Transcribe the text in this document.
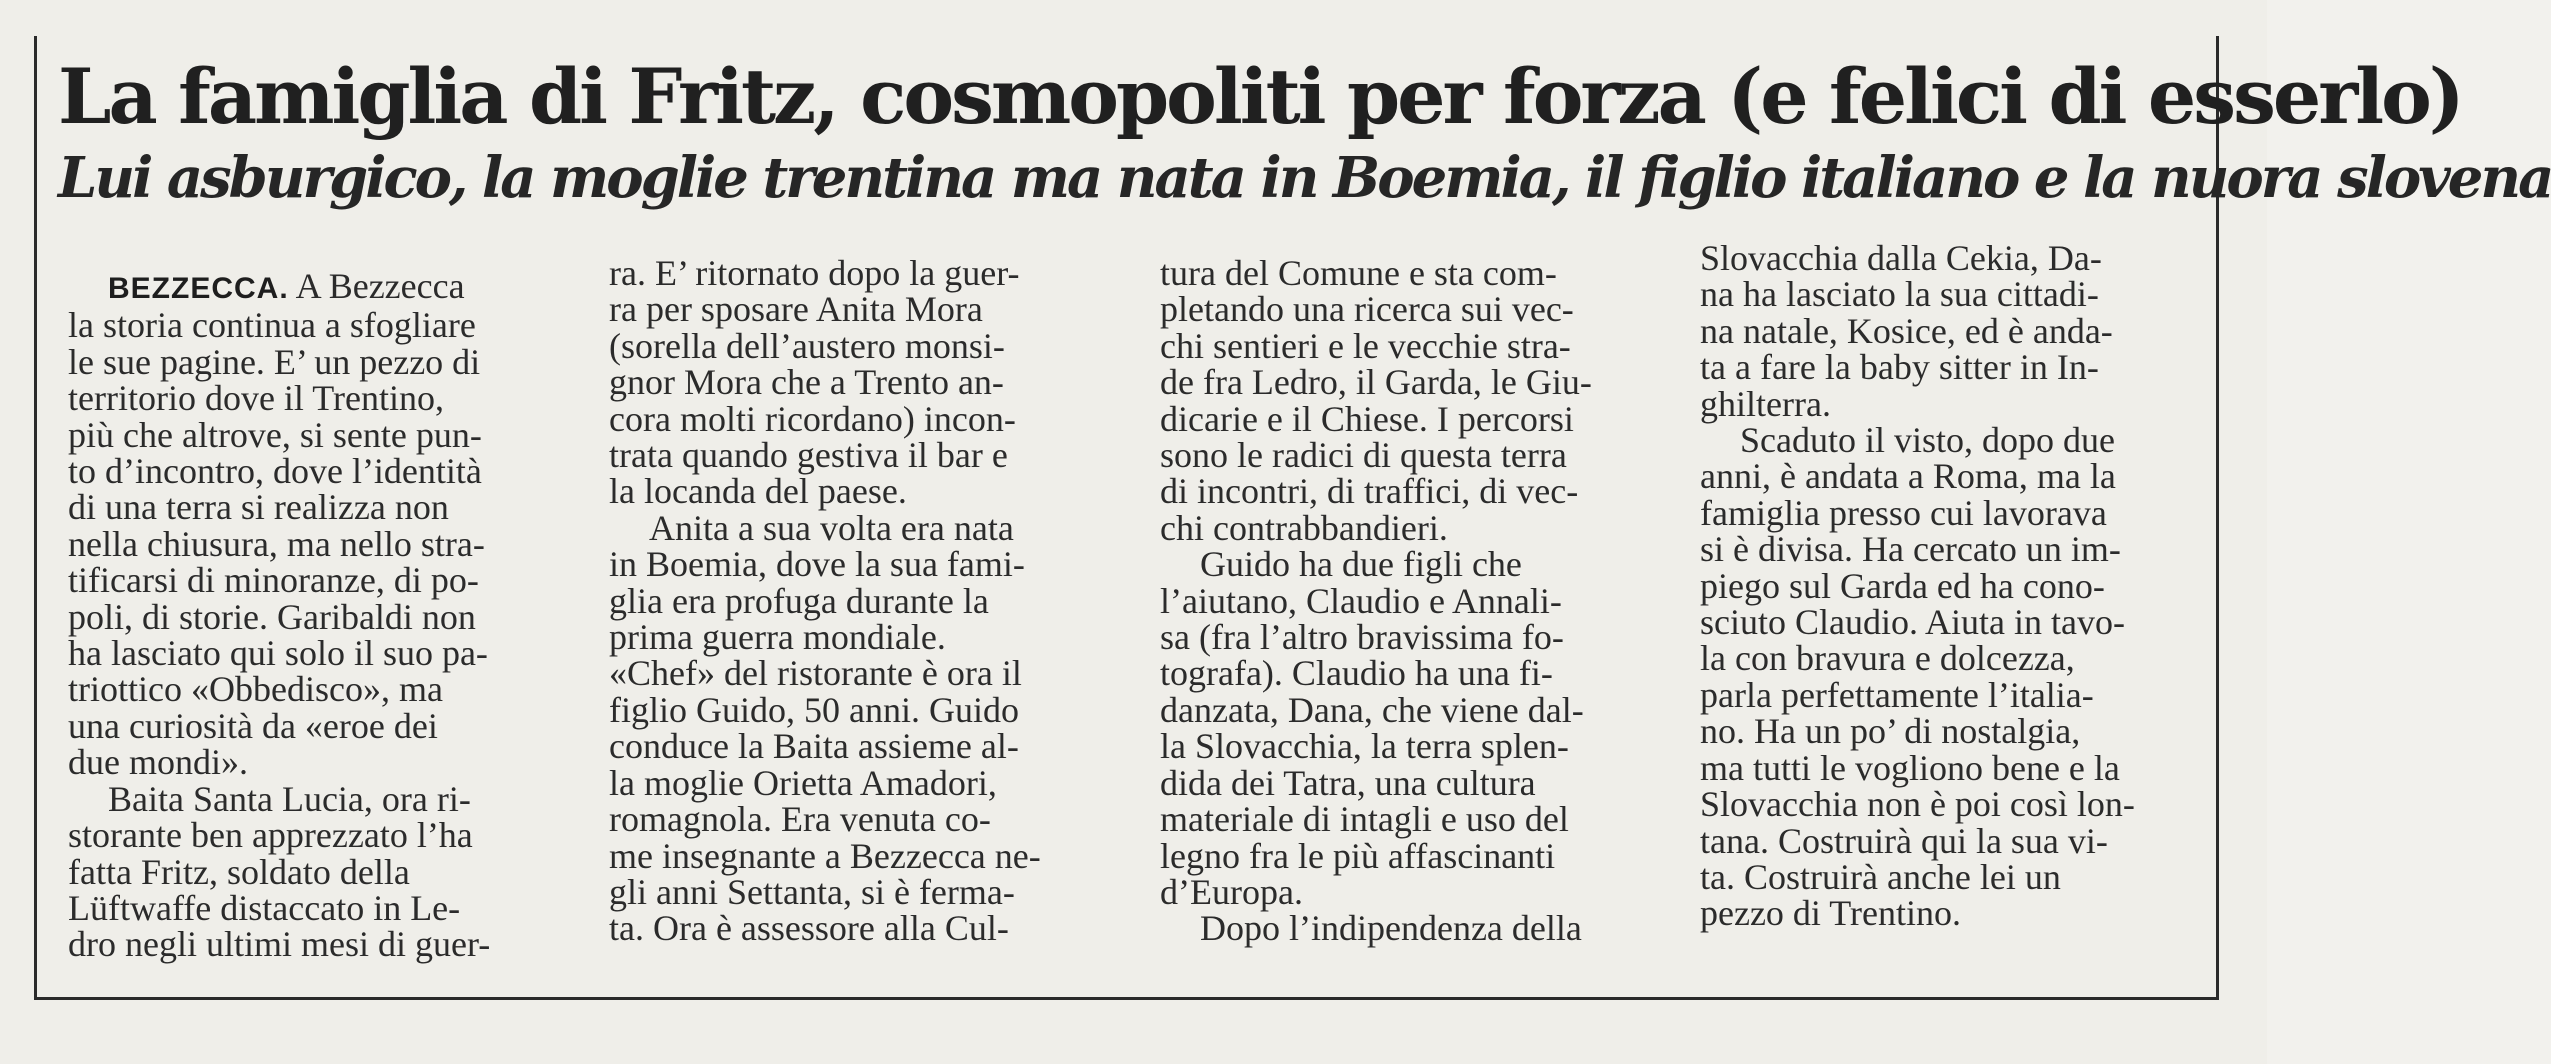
La famiglia di Fritz, cosmopoliti per forza (e felici di esserlo)
Lui asburgico, la moglie trentina ma nata in Boemia, il figlio italiano e la nuora slovena

BEZZECCA. A Bezzecca
la storia continua a sfogliare
le sue pagine. E’ un pezzo di
territorio dove il Trentino,
più che altrove, si sente pun-
to d’incontro, dove l’identità
di una terra si realizza non
nella chiusura, ma nello stra-
tificarsi di minoranze, di po-
poli, di storie. Garibaldi non
ha lasciato qui solo il suo pa-
triottico «Obbedisco», ma
una curiosità da «eroe dei
due mondi».

Baita Santa Lucia, ora ri-
storante ben apprezzato l’ha
fatta Fritz, soldato della
Lüftwaffe distaccato in Le-
dro negli ultimi mesi di guer-

ra. E’ ritornato dopo la guer-
ra per sposare Anita Mora
(sorella dell’austero monsi-
gnor Mora che a Trento an-
cora molti ricordano) incon-
trata quando gestiva il bar e
la locanda del paese.

Anita a sua volta era nata
in Boemia, dove la sua fami-
glia era profuga durante la
prima guerra mondiale.
«Chef» del ristorante è ora il
figlio Guido, 50 anni. Guido
conduce la Baita assieme al-
la moglie Orietta Amadori,
romagnola. Era venuta co-
me insegnante a Bezzecca ne-
gli anni Settanta, si è ferma-
ta. Ora è assessore alla Cul-

tura del Comune e sta com-
pletando una ricerca sui vec-
chi sentieri e le vecchie stra-
de fra Ledro, il Garda, le Giu-
dicarie e il Chiese. I percorsi
sono le radici di questa terra
di incontri, di traffici, di vec-
chi contrabbandieri.

Guido ha due figli che
l’aiutano, Claudio e Annali-
sa (fra l’altro bravissima fo-
tografa). Claudio ha una fi-
danzata, Dana, che viene dal-
la Slovacchia, la terra splen-
dida dei Tatra, una cultura
materiale di intagli e uso del
legno fra le più affascinanti
d’Europa.

Dopo l’indipendenza della

Slovacchia dalla Cekia, Da-
na ha lasciato la sua cittadi-
na natale, Kosice, ed è anda-
ta a fare la baby sitter in In-
ghilterra.

Scaduto il visto, dopo due
anni, è andata a Roma, ma la
famiglia presso cui lavorava
si è divisa. Ha cercato un im-
piego sul Garda ed ha cono-
sciuto Claudio. Aiuta in tavo-
la con bravura e dolcezza,
parla perfettamente l’italia-
no. Ha un po’ di nostalgia,
ma tutti le vogliono bene e la
Slovacchia non è poi così lon-
tana. Costruirà qui la sua vi-
ta. Costruirà anche lei un
pezzo di Trentino.
